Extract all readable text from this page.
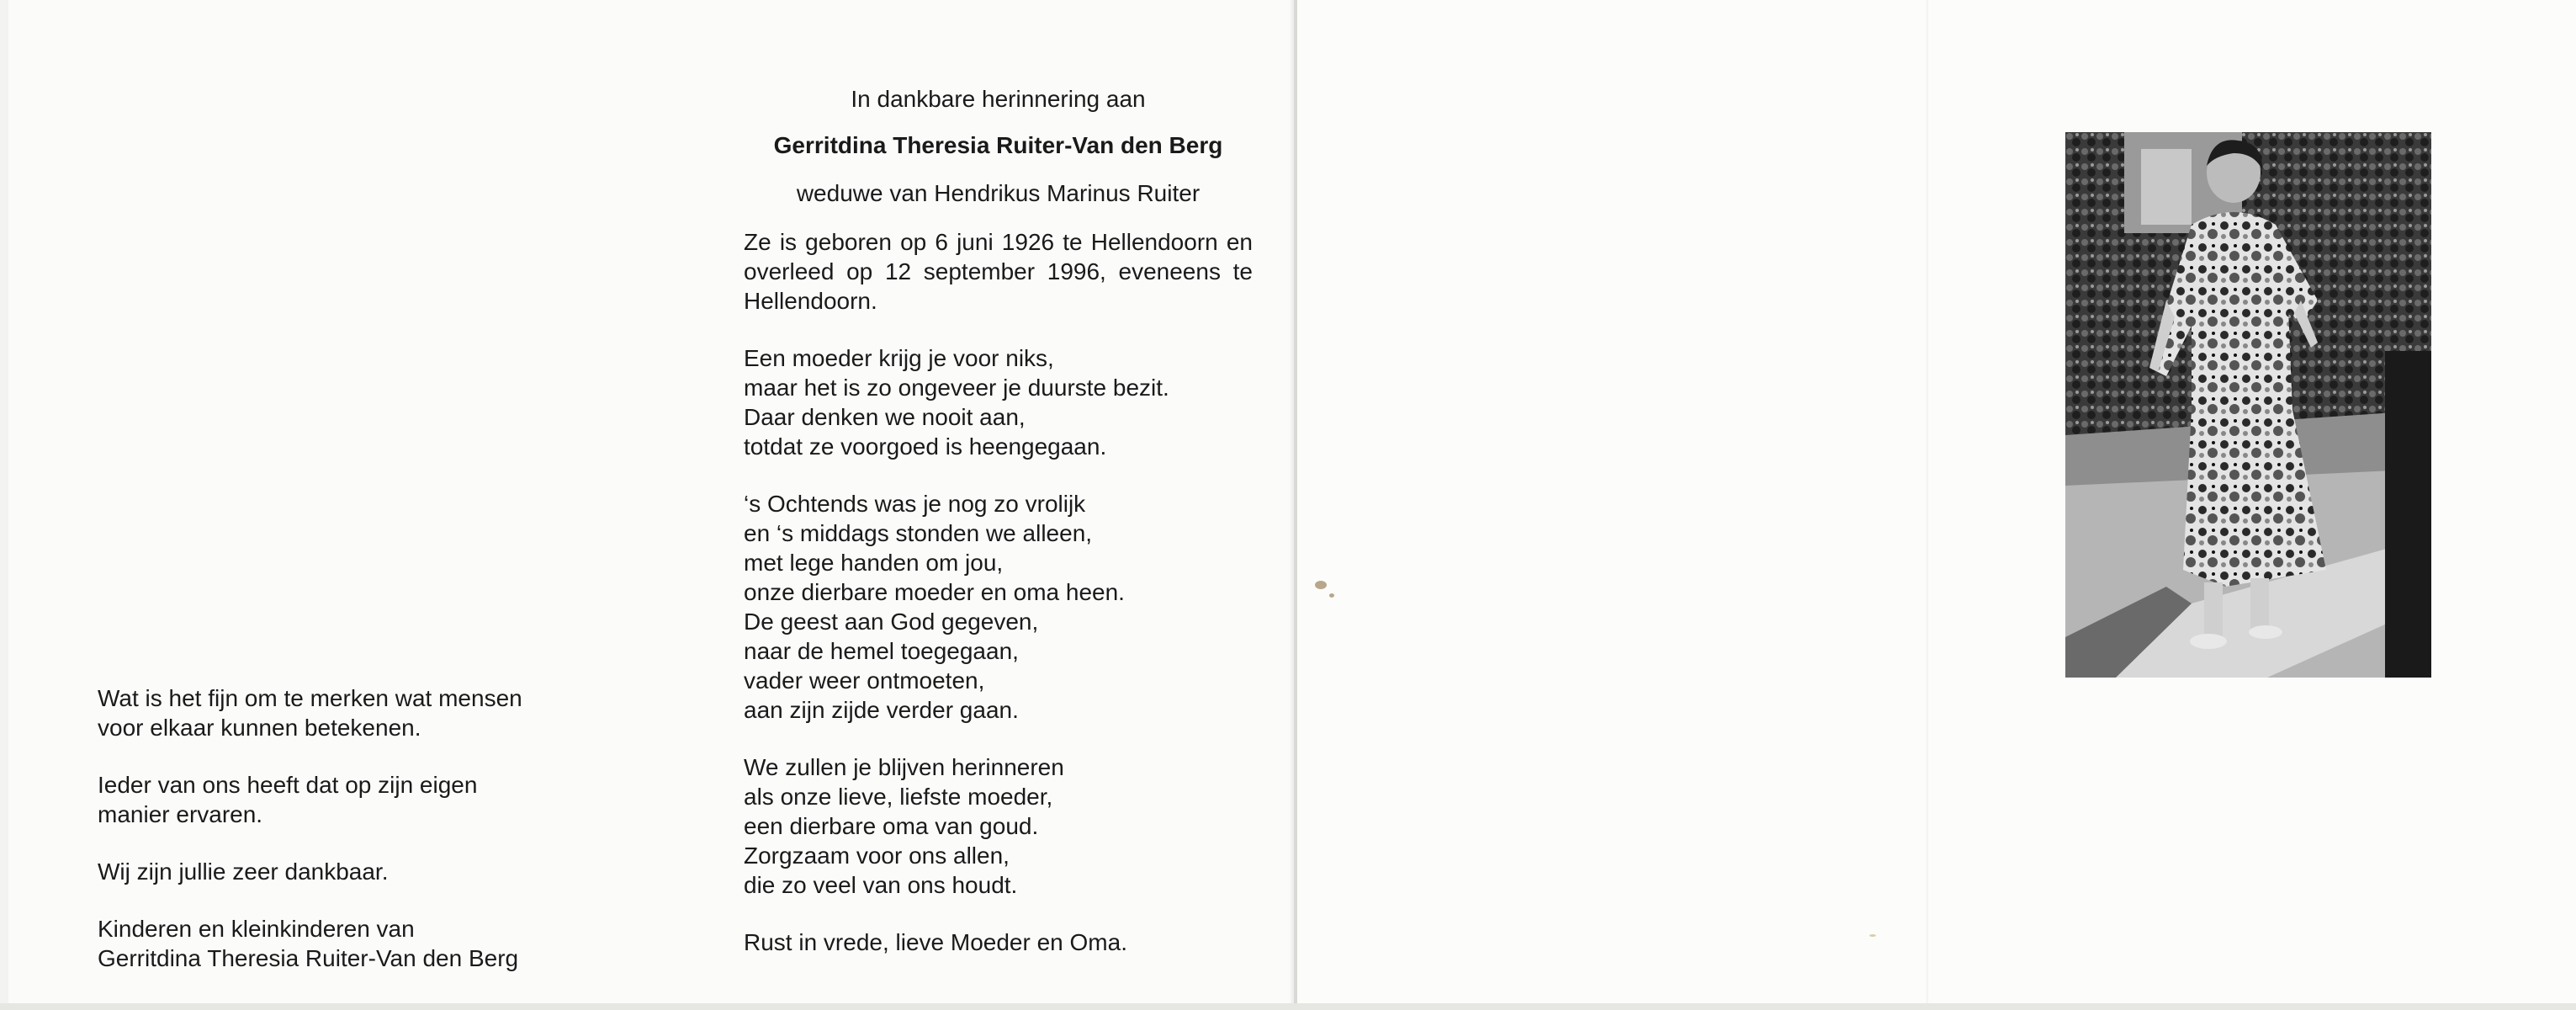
Wat is het fijn om te merken wat mensen
voor elkaar kunnen betekenen.

Ieder van ons heeft dat op zijn eigen
manier ervaren.

Wij zijn jullie zeer dankbaar.

Kinderen en kleinkinderen van
Gerritdina Theresia Ruiter-Van den Berg

In dankbare herinnering aan

Gerritdina Theresia Ruiter-Van den Berg

weduwe van Hendrikus Marinus Ruiter

Ze is geboren op 6 juni 1926 te Hellendoorn en overleed op 12 september 1996, eveneens te Hellendoorn.

Een moeder krijg je voor niks,
maar het is zo ongeveer je duurste bezit.
Daar denken we nooit aan,
totdat ze voorgoed is heengegaan.

‘s Ochtends was je nog zo vrolijk
en ‘s middags stonden we alleen,
met lege handen om jou,
onze dierbare moeder en oma heen.
De geest aan God gegeven,
naar de hemel toegegaan,
vader weer ontmoeten,
aan zijn zijde verder gaan.

We zullen je blijven herinneren
als onze lieve, liefste moeder,
een dierbare oma van goud.
Zorgzaam voor ons allen,
die zo veel van ons houdt.

Rust in vrede, lieve Moeder en Oma.
